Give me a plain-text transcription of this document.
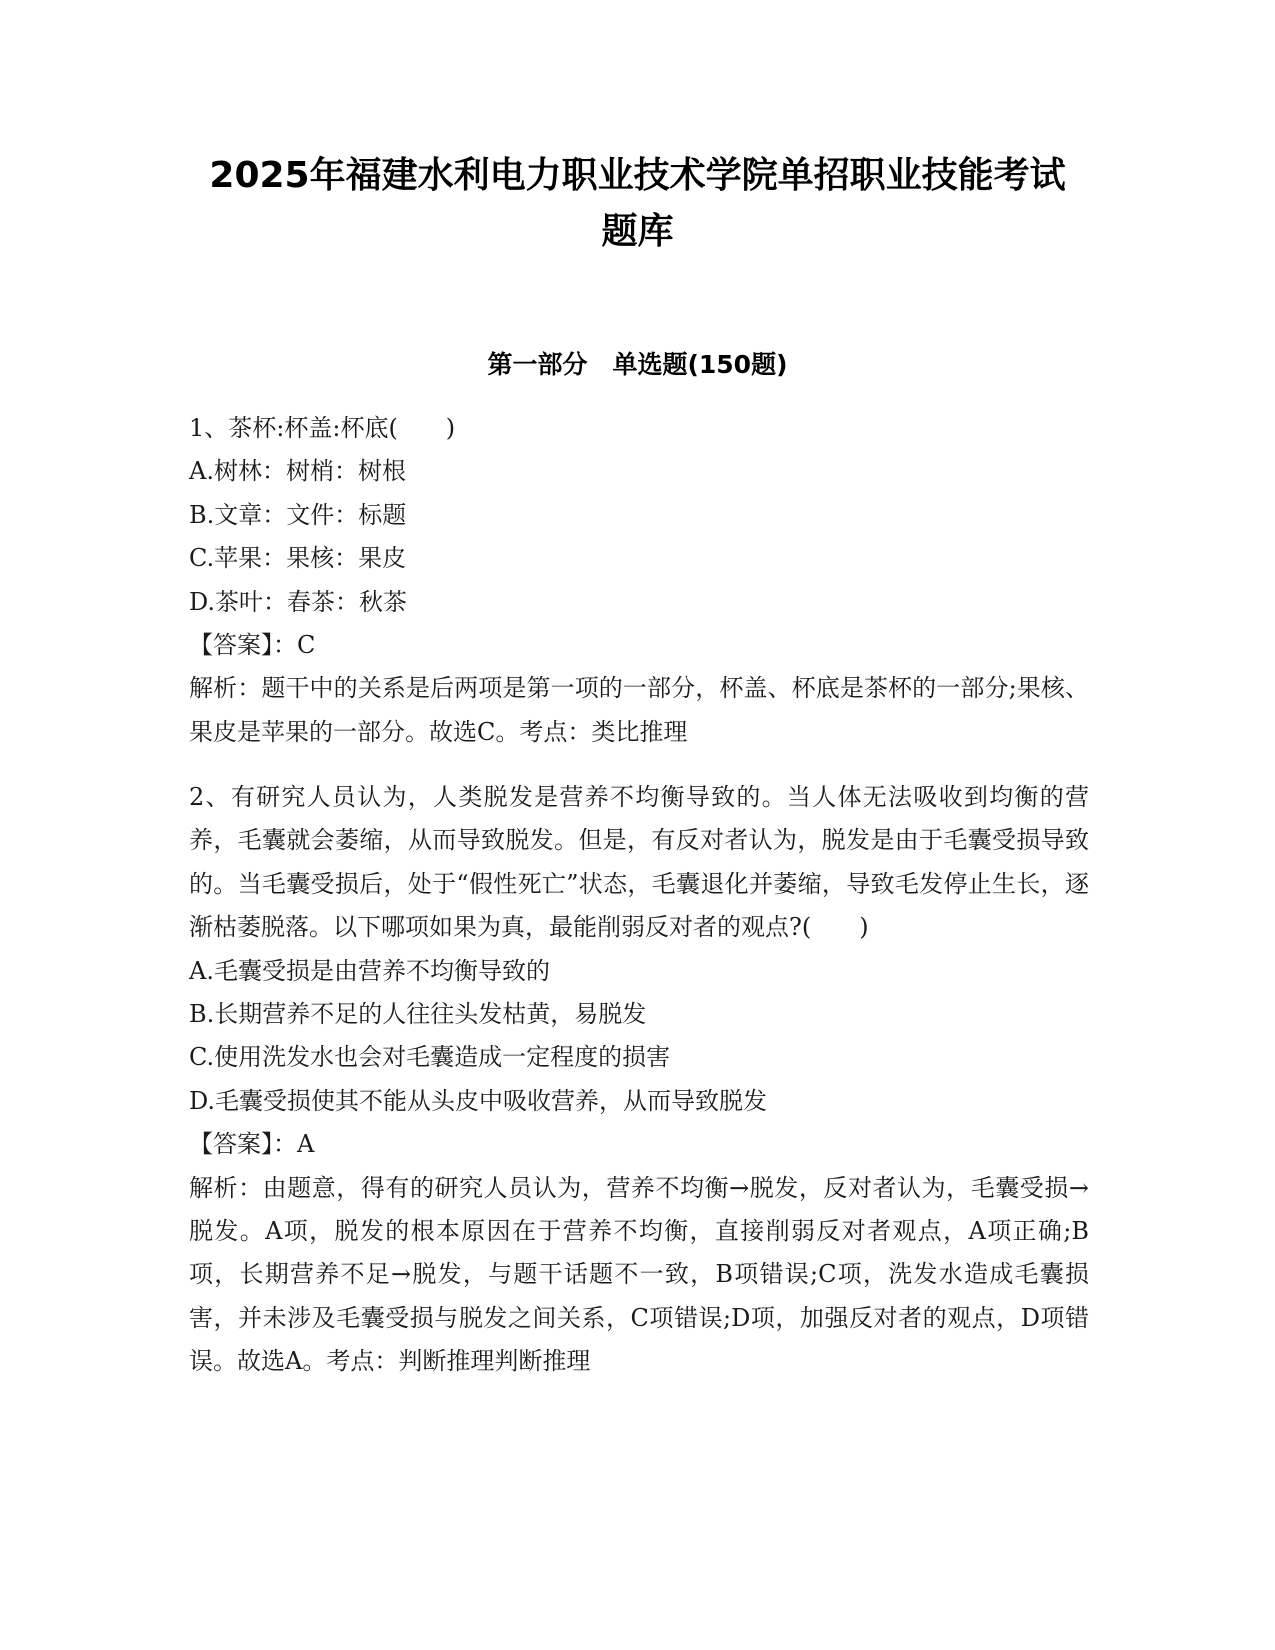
2025年福建水利电力职业技术学院单招职业技能考试
题库
第一部分　单选题(150题)
1、茶杯:杯盖:杯底(　　)
A.树林：树梢：树根
B.文章：文件：标题
C.苹果：果核：果皮
D.茶叶：春茶：秋茶
【答案】：C
解析：题干中的关系是后两项是第一项的一部分，杯盖、杯底是茶杯的一部分;果核、果皮是苹果的一部分。故选C。考点：类比推理
2、有研究人员认为，人类脱发是营养不均衡导致的。当人体无法吸收到均衡的营养，毛囊就会萎缩，从而导致脱发。但是，有反对者认为，脱发是由于毛囊受损导致的。当毛囊受损后，处于“假性死亡”状态，毛囊退化并萎缩，导致毛发停止生长，逐渐枯萎脱落。以下哪项如果为真，最能削弱反对者的观点?(　　)
A.毛囊受损是由营养不均衡导致的
B.长期营养不足的人往往头发枯黄，易脱发
C.使用洗发水也会对毛囊造成一定程度的损害
D.毛囊受损使其不能从头皮中吸收营养，从而导致脱发
【答案】：A
解析：由题意，得有的研究人员认为，营养不均衡→脱发，反对者认为，毛囊受损→脱发。A项，脱发的根本原因在于营养不均衡，直接削弱反对者观点，A项正确;B项，长期营养不足→脱发，与题干话题不一致，B项错误;C项，洗发水造成毛囊损害，并未涉及毛囊受损与脱发之间关系，C项错误;D项，加强反对者的观点，D项错误。故选A。考点：判断推理判断推理
